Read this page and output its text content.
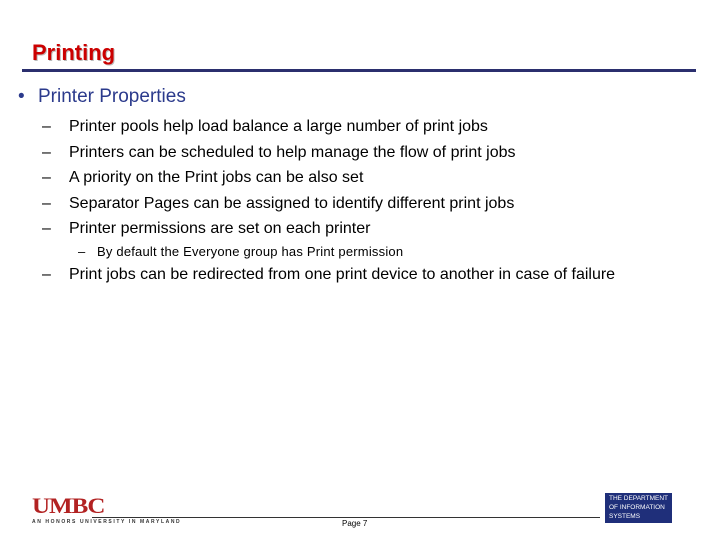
Printing
• Printer Properties
– Printer pools help load balance a large number of print jobs
– Printers can be scheduled to help manage the flow of print jobs
– A priority on the Print jobs can be also set
– Separator Pages can be assigned to identify different print jobs
– Printer permissions are set on each printer
– By default the Everyone group has Print permission
– Print jobs can be redirected from one print device to another in case of failure
UMBC
AN HONORS UNIVERSITY IN MARYLAND	Page 7
THE DEPARTMENT
OF INFORMATION
SYSTEMS
